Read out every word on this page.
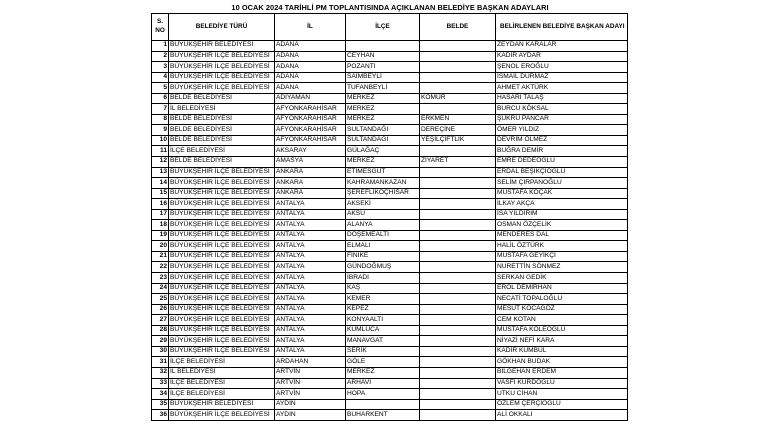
10 OCAK 2024 TARİHLİ PM TOPLANTISINDA AÇIKLANAN BELEDİYE BAŞKAN ADAYLARI
S. NO	BELEDİYE TÜRÜ	İL	İLÇE	BELDE	BELİRLENEN BELEDİYE BAŞKAN ADAYI
1	BÜYÜKŞEHİR BELEDİYESİ	ADANA			ZEYDAN KARALAR
2	BÜYÜKŞEHİR İLÇE BELEDİYESİ	ADANA	CEYHAN		KADİR AYDAR
3	BÜYÜKŞEHİR İLÇE BELEDİYESİ	ADANA	POZANTI		ŞENOL EROĞLU
4	BÜYÜKŞEHİR İLÇE BELEDİYESİ	ADANA	SAİMBEYLİ		İSMAİL DURMAZ
5	BÜYÜKŞEHİR İLÇE BELEDİYESİ	ADANA	TUFANBEYLİ		AHMET AKTÜRK
6	BELDE BELEDİYESİ	ADIYAMAN	MERKEZ	KÖMÜR	HASARİ TALAŞ
7	İL BELEDİYESİ	AFYONKARAHİSAR	MERKEZ		BURCU KÖKSAL
8	BELDE BELEDİYESİ	AFYONKARAHİSAR	MERKEZ	ERKMEN	ŞÜKRÜ PANCAR
9	BELDE BELEDİYESİ	AFYONKARAHİSAR	SULTANDAĞI	DEREÇİNE	ÖMER YILDIZ
10	BELDE BELEDİYESİ	AFYONKARAHİSAR	SULTANDAĞI	YEŞİLÇİFTLİK	DEVRİM ÖLMEZ
11	İLÇE BELEDİYESİ	AKSARAY	GÜLAĞAÇ		BUĞRA DEMİR
12	BELDE BELEDİYESİ	AMASYA	MERKEZ	ZİYARET	EMRE DEDEOĞLU
13	BÜYÜKŞEHİR İLÇE BELEDİYESİ	ANKARA	ETİMESGUT		ERDAL BEŞİKÇİOĞLU
14	BÜYÜKŞEHİR İLÇE BELEDİYESİ	ANKARA	KAHRAMANKAZAN		SELİM ÇIRPANOĞLU
15	BÜYÜKŞEHİR İLÇE BELEDİYESİ	ANKARA	ŞEREFLİKOÇHİSAR		MUSTAFA KOÇAK
16	BÜYÜKŞEHİR İLÇE BELEDİYESİ	ANTALYA	AKSEKİ		İLKAY AKÇA
17	BÜYÜKŞEHİR İLÇE BELEDİYESİ	ANTALYA	AKSU		İSA YILDIRIM
18	BÜYÜKŞEHİR İLÇE BELEDİYESİ	ANTALYA	ALANYA		OSMAN ÖZÇELİK
19	BÜYÜKŞEHİR İLÇE BELEDİYESİ	ANTALYA	DÖŞEMEALTI		MENDERES DAL
20	BÜYÜKŞEHİR İLÇE BELEDİYESİ	ANTALYA	ELMALI		HALİL ÖZTÜRK
21	BÜYÜKŞEHİR İLÇE BELEDİYESİ	ANTALYA	FİNİKE		MUSTAFA GEYİKÇİ
22	BÜYÜKŞEHİR İLÇE BELEDİYESİ	ANTALYA	GÜNDOĞMUŞ		NURETTİN SÖNMEZ
23	BÜYÜKŞEHİR İLÇE BELEDİYESİ	ANTALYA	İBRADI		SERKAN GEDİK
24	BÜYÜKŞEHİR İLÇE BELEDİYESİ	ANTALYA	KAŞ		EROL DEMİRHAN
25	BÜYÜKŞEHİR İLÇE BELEDİYESİ	ANTALYA	KEMER		NECATİ TOPALOĞLU
26	BÜYÜKŞEHİR İLÇE BELEDİYESİ	ANTALYA	KEPEZ		MESUT KOCAGÖZ
27	BÜYÜKŞEHİR İLÇE BELEDİYESİ	ANTALYA	KONYAALTI		CEM KOTAN
28	BÜYÜKŞEHİR İLÇE BELEDİYESİ	ANTALYA	KUMLUCA		MUSTAFA KÖLEOĞLU
29	BÜYÜKŞEHİR İLÇE BELEDİYESİ	ANTALYA	MANAVGAT		NİYAZİ NEFİ KARA
30	BÜYÜKŞEHİR İLÇE BELEDİYESİ	ANTALYA	SERİK		KADİR KUMBUL
31	İLÇE BELEDİYESİ	ARDAHAN	GÖLE		GÖKHAN BUDAK
32	İL BELEDİYESİ	ARTVİN	MERKEZ		BİLGEHAN ERDEM
33	İLÇE BELEDİYESİ	ARTVİN	ARHAVİ		VASFİ KURDOĞLU
34	İLÇE BELEDİYESİ	ARTVİN	HOPA		UTKU CİHAN
35	BÜYÜKŞEHİR BELEDİYESİ	AYDIN			ÖZLEM ÇERÇİOĞLU
36	BÜYÜKŞEHİR İLÇE BELEDİYESİ	AYDIN	BUHARKENT		ALİ OKKALI
